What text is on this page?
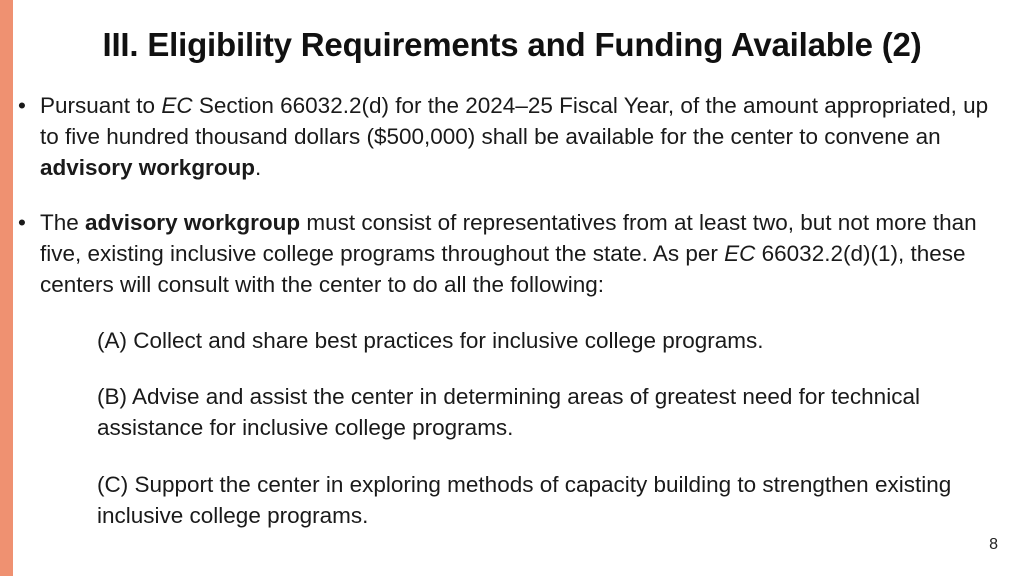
III. Eligibility Requirements and Funding Available (2)
• Pursuant to EC Section 66032.2(d) for the 2024–25 Fiscal Year, of the amount appropriated, up to five hundred thousand dollars ($500,000) shall be available for the center to convene an advisory workgroup.
• The advisory workgroup must consist of representatives from at least two, but not more than five, existing inclusive college programs throughout the state. As per EC 66032.2(d)(1), these centers will consult with the center to do all the following:
(A) Collect and share best practices for inclusive college programs.
(B) Advise and assist the center in determining areas of greatest need for technical assistance for inclusive college programs.
(C) Support the center in exploring methods of capacity building to strengthen existing inclusive college programs.
8
